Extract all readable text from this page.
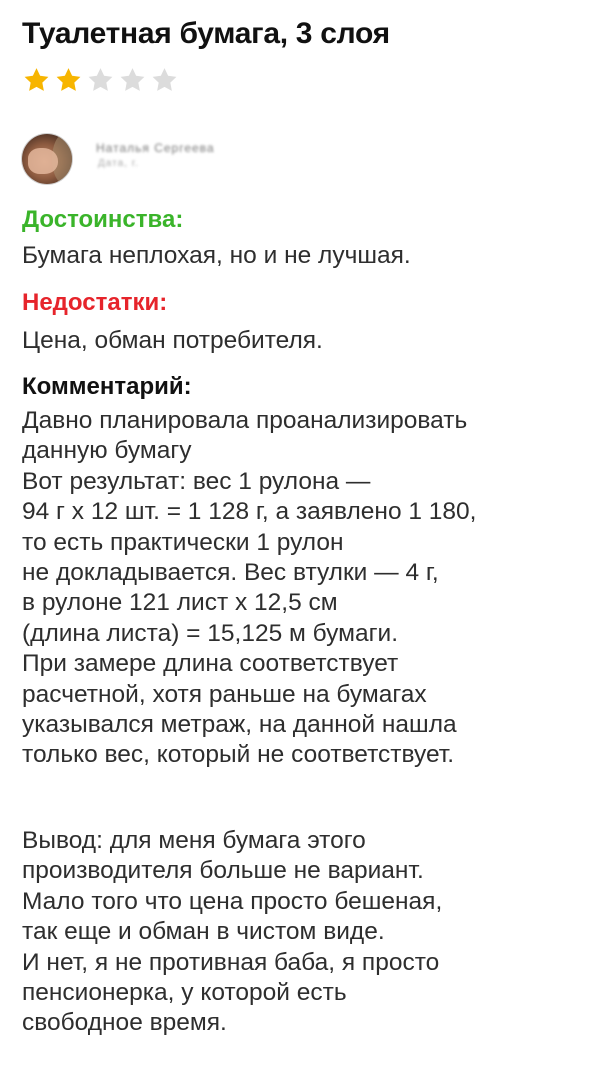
Туалетная бумага, 3 слоя
Наталья Сергеева
Дата, г.
Достоинства:
Бумага неплохая, но и не лучшая.
Недостатки:
Цена, обман потребителя.
Комментарий:
Давно планировала проанализировать
данную бумагу
Вот результат: вес 1 рулона —
94 г х 12 шт. = 1 128 г, а заявлено 1 180,
то есть практически 1 рулон
не докладывается. Вес втулки — 4 г,
в рулоне 121 лист х 12,5 см
(длина листа) = 15,125 м бумаги.
При замере длина соответствует
расчетной, хотя раньше на бумагах
указывался метраж, на данной нашла
только вес, который не соответствует.
Вывод: для меня бумага этого
производителя больше не вариант.
Мало того что цена просто бешеная,
так еще и обман в чистом виде.
И нет, я не противная баба, я просто
пенсионерка, у которой есть
свободное время.
